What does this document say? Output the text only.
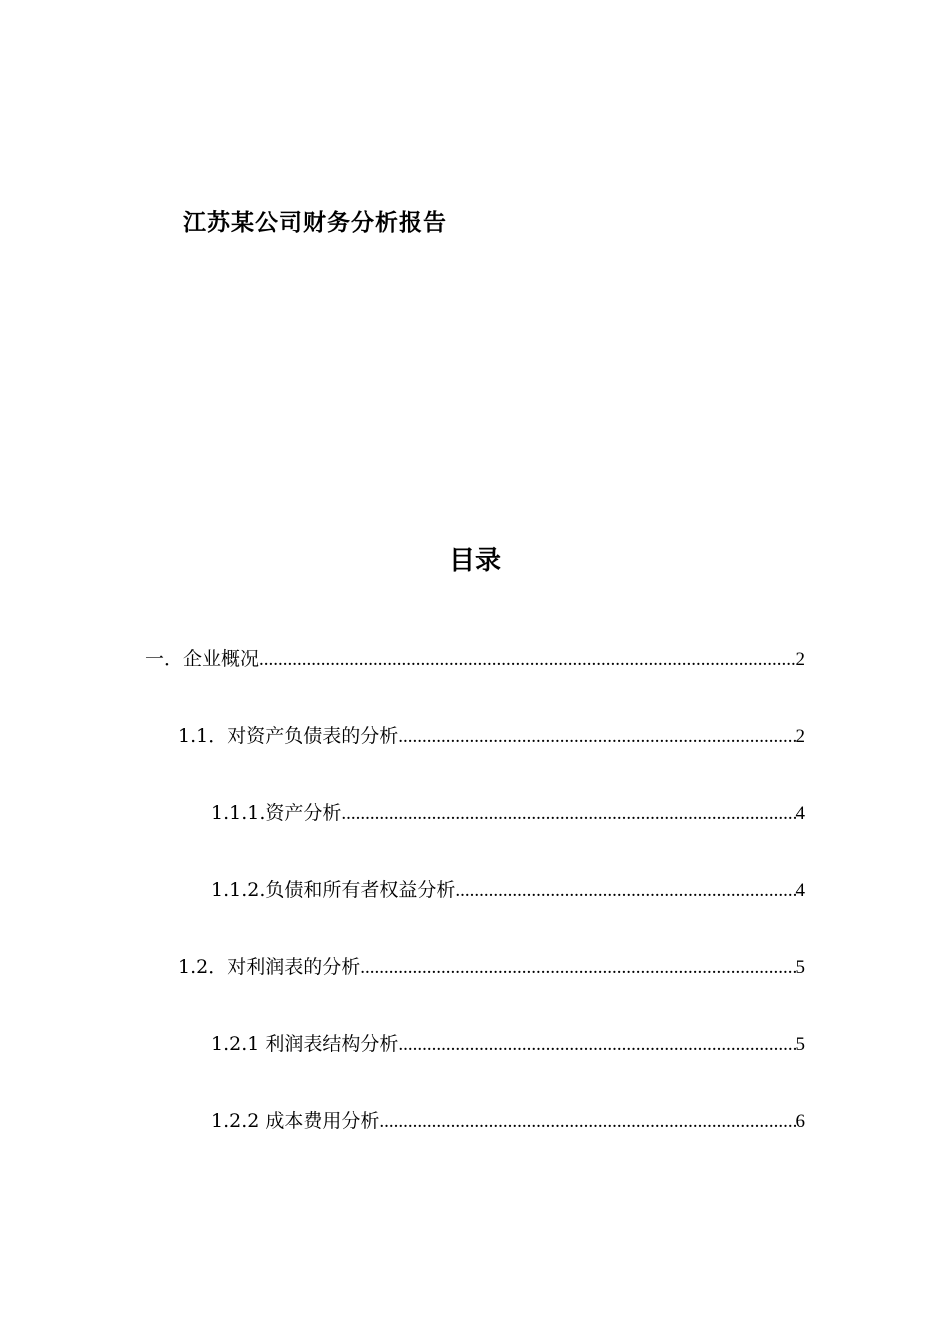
江苏某公司财务分析报告
目录
一．企业概况 .....	2
1.1．对资产负债表的分析 .....	2
1.1.1.资产分析 .....	4
1.1.2.负债和所有者权益分析 .....	4
1.2．对利润表的分析 .....	5
1.2.1 利润表结构分析 .....	5
1.2.2 成本费用分析 .....	6
